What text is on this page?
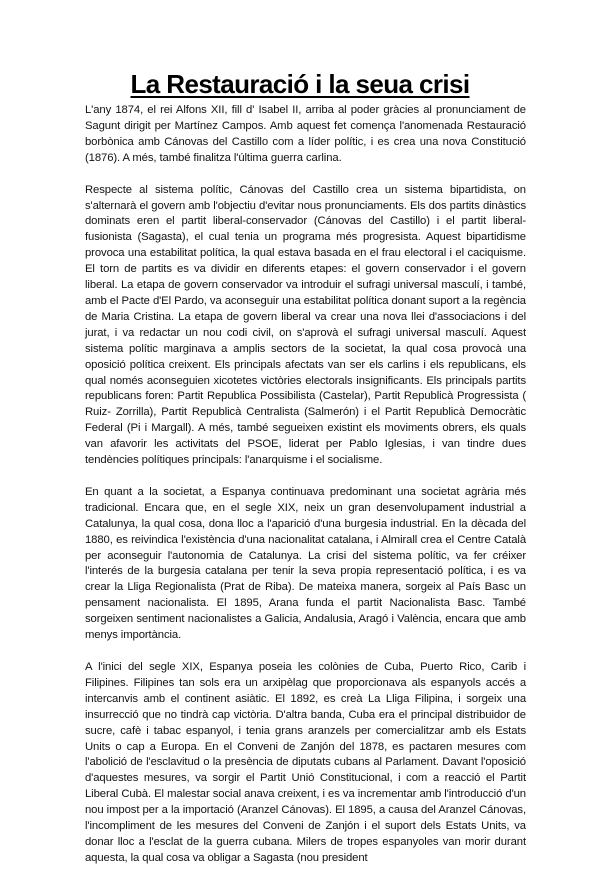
La Restauració i la seua crisi

L'any 1874, el rei Alfons XII, fill d' Isabel II, arriba al poder gràcies al pronunciament de Sagunt dirigit per Martínez Campos. Amb aquest fet comença l'anomenada Restauració borbònica amb Cánovas del Castillo com a líder polític, i es crea una nova Constitució (1876). A més, també finalitza l'última guerra carlina.

Respecte al sistema polític, Cánovas del Castillo crea un sistema bipartidista, on s'alternarà el govern amb l'objectiu d'evitar nous pronunciaments. Els dos partits dinàstics dominats eren el partit liberal-conservador (Cánovas del Castillo) i el partit liberal-fusionista (Sagasta), el cual tenia un programa més progresista. Aquest bipartidisme provoca una estabilitat política, la qual estava basada en el frau electoral i el caciquisme. El torn de partits es va dividir en diferents etapes: el govern conservador i el govern liberal. La etapa de govern conservador va introduir el sufragi universal masculí, i també, amb el Pacte d'El Pardo, va aconseguir una estabilitat política donant suport a la regència de Maria Cristina. La etapa de govern liberal va crear una nova llei d'associacions i del jurat, i va redactar un nou codi civil, on s'aprovà el sufragi universal masculí. Aquest sistema polític marginava a amplis sectors de la societat, la qual cosa provocà una oposició política creixent. Els principals afectats van ser els carlins i els republicans, els qual només aconseguien xicotetes victòries electorals insignificants. Els principals partits republicans foren: Partit Republica Possibilista (Castelar), Partit Republicà Progressista ( Ruiz- Zorrilla), Partit Republicà Centralista (Salmerón) i el Partit Republicà Democràtic Federal (Pi i Margall). A més, també segueixen existint els moviments obrers, els quals van afavorir les activitats del PSOE, liderat per Pablo Iglesias, i van tindre dues tendències polítiques principals: l'anarquisme i el socialisme.

En quant a la societat, a Espanya continuava predominant una societat agrària més tradicional. Encara que, en el segle XIX, neix un gran desenvolupament industrial a Catalunya, la qual cosa, dona lloc a l'aparició d'una burgesia industrial. En la dècada del 1880, es reivindica l'existència d'una nacionalitat catalana, i Almirall crea el Centre Català per aconseguir l'autonomia de Catalunya. La crisi del sistema polític, va fer créixer l'interés de la burgesia catalana per tenir la seva propia representació política, i es va crear la Lliga Regionalista (Prat de Riba). De mateixa manera, sorgeix al País Basc un pensament nacionalista. El 1895, Arana funda el partit Nacionalista Basc. També sorgeixen sentiment nacionalistes a Galicia, Andalusia, Aragó i València, encara que amb menys importància.

A l'inici del segle XIX, Espanya poseia les colònies de Cuba, Puerto Rico, Carib i Filipines. Filipines tan sols era un arxipèlag que proporcionava als espanyols accés a intercanvis amb el continent asiàtic. El 1892, es creà La Lliga Filipina, i sorgeix una insurrecció que no tindrà cap victòria. D'altra banda, Cuba era el principal distribuidor de sucre, cafè i tabac espanyol, i tenia grans aranzels per comercialitzar amb els Estats Units o cap a Europa. En el Conveni de Zanjón del 1878, es pactaren mesures com l'abolició de l'esclavitud o la presència de diputats cubans al Parlament. Davant l'oposició d'aquestes mesures, va sorgir el Partit Unió Constitucional, i com a reacció el Partit Liberal Cubà. El malestar social anava creixent, i es va incrementar amb l'introducció d'un nou impost per a la importació (Aranzel Cánovas). El 1895, a causa del Aranzel Cánovas, l'incompliment de les mesures del Conveni de Zanjón i el suport dels Estats Units, va donar lloc a l'esclat de la guerra cubana. Milers de tropes espanyoles van morir durant aquesta, la qual cosa va obligar a Sagasta (nou president
